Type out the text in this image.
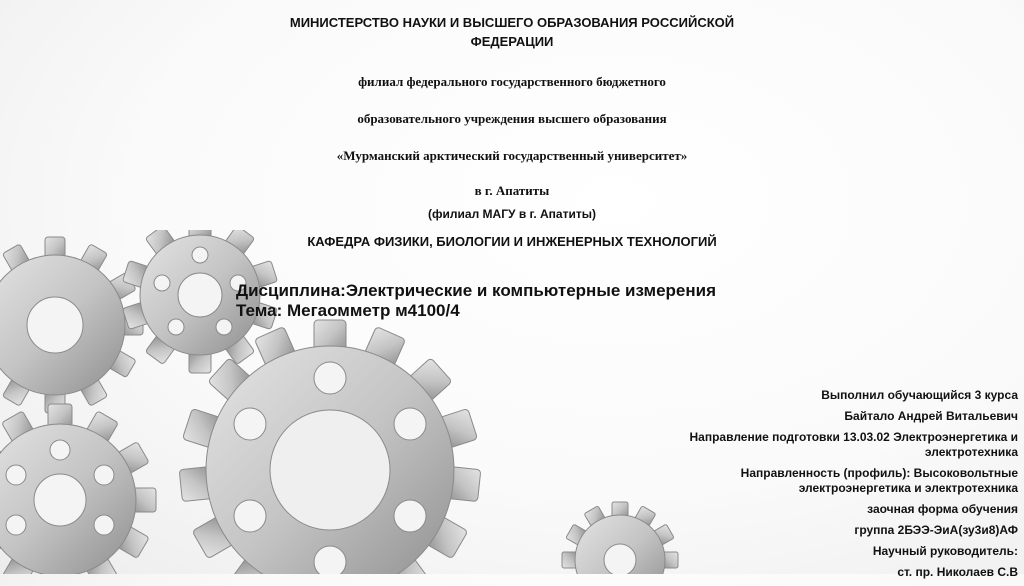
МИНИСТЕРСТВО НАУКИ И ВЫСШЕГО ОБРАЗОВАНИЯ РОССИЙСКОЙ
ФЕДЕРАЦИИ
филиал федерального государственного бюджетного
образовательного учреждения высшего образования
«Мурманский арктический государственный университет»
в г. Апатиты
(филиал МАГУ в г. Апатиты)
КАФЕДРА ФИЗИКИ, БИОЛОГИИ И ИНЖЕНЕРНЫХ ТЕХНОЛОГИЙ
Дисциплина:Электрические и компьютерные измерения
Тема: Мегаомметр м4100/4
Выполнил обучающийся 3 курса
Байтало Андрей Витальевич
Направление подготовки 13.03.02 Электроэнергетика и электротехника
Направленность (профиль): Высоковольтные электроэнергетика и электротехника
заочная форма обучения
группа 2БЭЭ-ЭиА(зу3и8)АФ
Научный руководитель:
ст. пр. Николаев С.В
